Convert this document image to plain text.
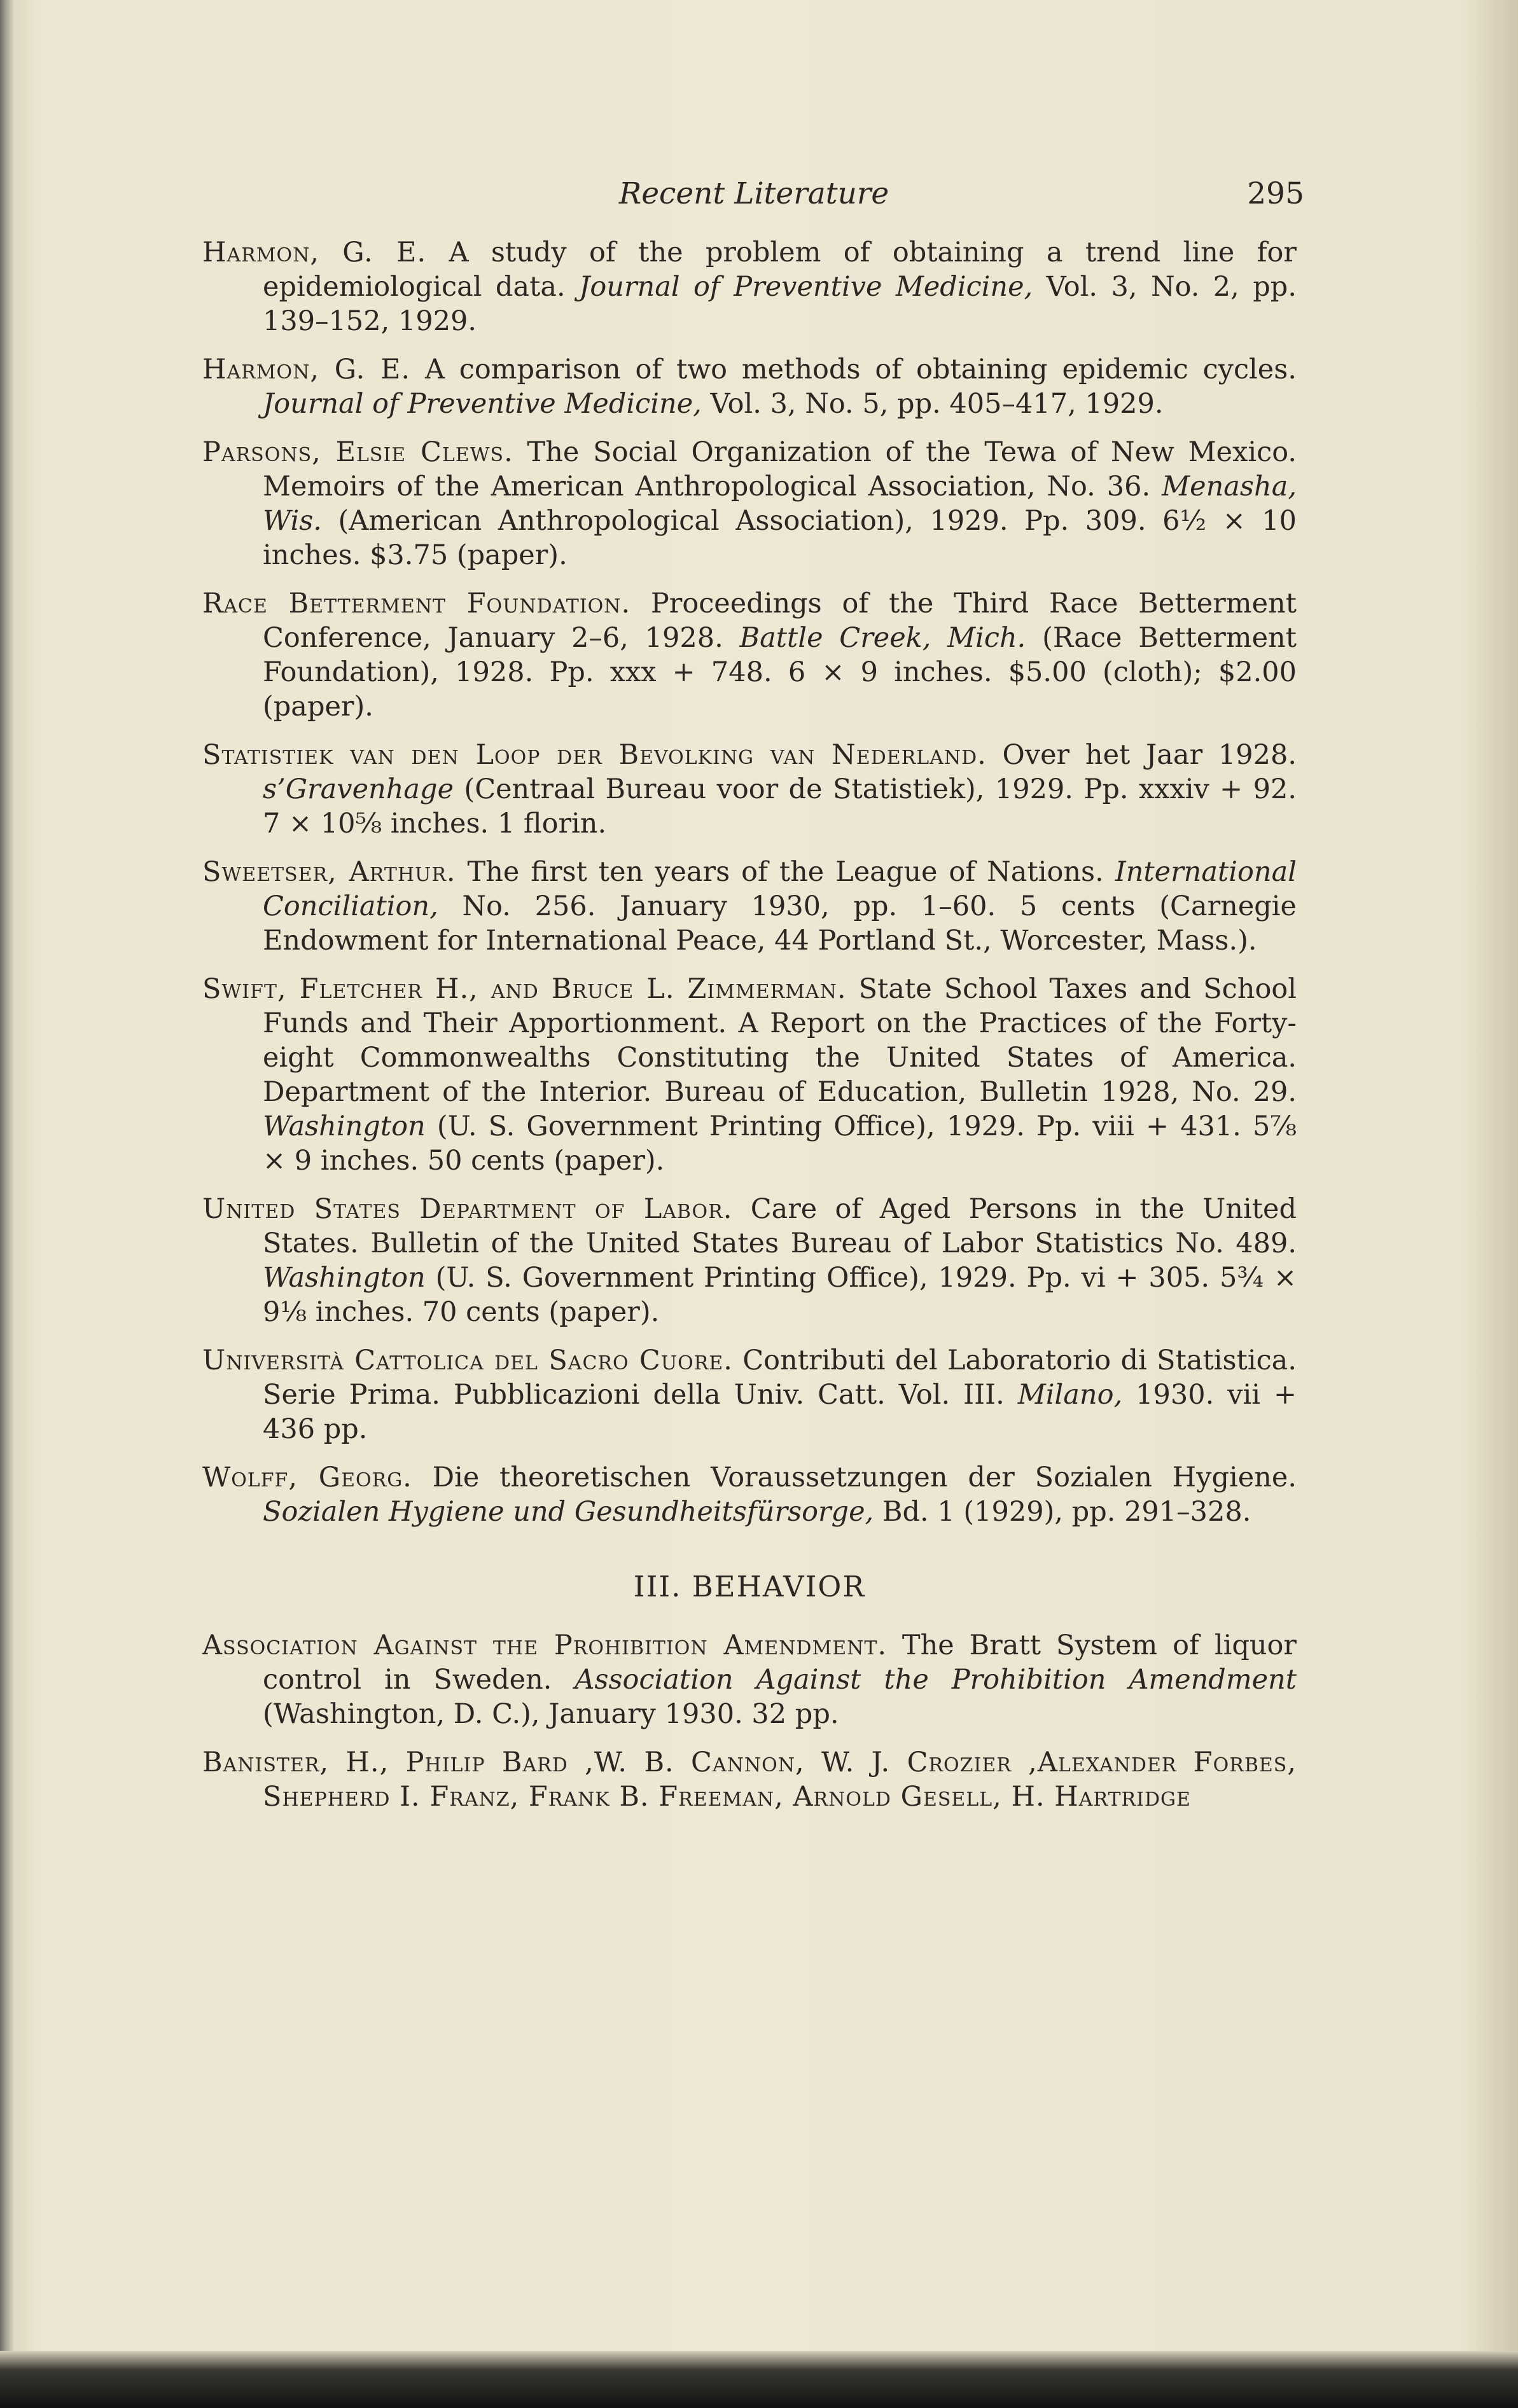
Recent Literature	295

Harmon, G. E. A study of the problem of obtaining a trend line for epidemiological data. Journal of Preventive Medicine, Vol. 3, No. 2, pp. 139–152, 1929.

Harmon, G. E. A comparison of two methods of obtaining epidemic cycles. Journal of Preventive Medicine, Vol. 3, No. 5, pp. 405–417, 1929.

Parsons, Elsie Clews. The Social Organization of the Tewa of New Mexico. Memoirs of the American Anthropological Association, No. 36. Menasha, Wis. (American Anthropological Association), 1929. Pp. 309. 6½ × 10 inches. $3.75 (paper).

Race Betterment Foundation. Proceedings of the Third Race Betterment Conference, January 2–6, 1928. Battle Creek, Mich. (Race Betterment Foundation), 1928. Pp. xxx + 748. 6 × 9 inches. $5.00 (cloth); $2.00 (paper).

Statistiek van den Loop der Bevolking van Nederland. Over het Jaar 1928. s’Gravenhage (Centraal Bureau voor de Statistiek), 1929. Pp. xxxiv + 92. 7 × 10⅝ inches. 1 florin.

Sweetser, Arthur. The first ten years of the League of Nations. International Conciliation, No. 256. January 1930, pp. 1–60. 5 cents (Carnegie Endowment for International Peace, 44 Portland St., Worcester, Mass.).

Swift, Fletcher H., and Bruce L. Zimmerman. State School Taxes and School Funds and Their Apportionment. A Report on the Practices of the Forty-eight Commonwealths Constituting the United States of America. Department of the Interior. Bureau of Education, Bulletin 1928, No. 29. Washington (U. S. Government Printing Office), 1929. Pp. viii + 431. 5⅞ × 9 inches. 50 cents (paper).

United States Department of Labor. Care of Aged Persons in the United States. Bulletin of the United States Bureau of Labor Statistics No. 489. Washington (U. S. Government Printing Office), 1929. Pp. vi + 305. 5¾ × 9⅛ inches. 70 cents (paper).

Università Cattolica del Sacro Cuore. Contributi del Laboratorio di Statistica. Serie Prima. Pubblicazioni della Univ. Catt. Vol. III. Milano, 1930. vii + 436 pp.

Wolff, Georg. Die theoretischen Voraussetzungen der Sozialen Hygiene. Sozialen Hygiene und Gesundheitsfürsorge, Bd. 1 (1929), pp. 291–328.

III. BEHAVIOR

Association Against the Prohibition Amendment. The Bratt System of liquor control in Sweden. Association Against the Prohibition Amendment (Washington, D. C.), January 1930. 32 pp.

Banister, H., Philip Bard ,W. B. Cannon, W. J. Crozier ,Alexander Forbes, Shepherd I. Franz, Frank B. Freeman, Arnold Gesell, H. Hartridge
